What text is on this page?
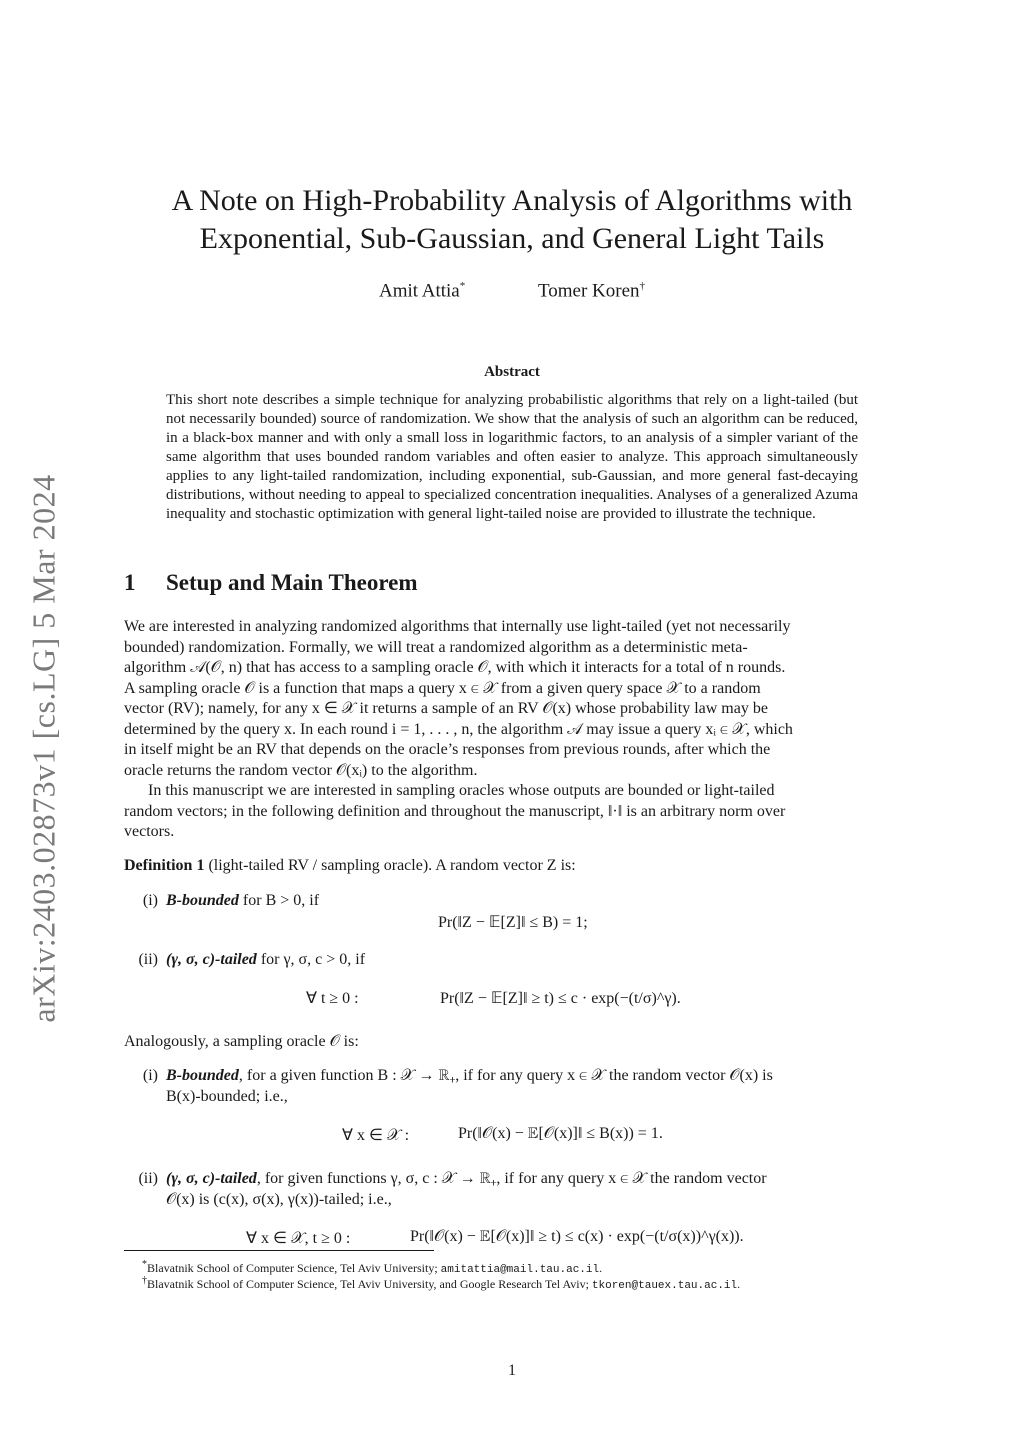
arXiv:2403.02873v1 [cs.LG] 5 Mar 2024
A Note on High-Probability Analysis of Algorithms with
Exponential, Sub-Gaussian, and General Light Tails
Amit Attia*	Tomer Koren†
Abstract
This short note describes a simple technique for analyzing probabilistic algorithms that rely on a light-tailed (but not necessarily bounded) source of randomization. We show that the analysis of such an algorithm can be reduced, in a black-box manner and with only a small loss in logarithmic factors, to an analysis of a simpler variant of the same algorithm that uses bounded random variables and often easier to analyze. This approach simultaneously applies to any light-tailed randomization, including exponential, sub-Gaussian, and more general fast-decaying distributions, without needing to appeal to specialized concentration inequalities. Analyses of a generalized Azuma inequality and stochastic optimization with general light-tailed noise are provided to illustrate the technique.
1 Setup and Main Theorem
We are interested in analyzing randomized algorithms that internally use light-tailed (yet not necessarily
bounded) randomization. Formally, we will treat a randomized algorithm as a deterministic meta-
algorithm 𝒜(𝒪, n) that has access to a sampling oracle 𝒪, with which it interacts for a total of n rounds.
A sampling oracle 𝒪 is a function that maps a query x ∈ 𝒳 from a given query space 𝒳 to a random
vector (RV); namely, for any x ∈ 𝒳 it returns a sample of an RV 𝒪(x) whose probability law may be
determined by the query x. In each round i = 1, . . . , n, the algorithm 𝒜 may issue a query xᵢ ∈ 𝒳, which
in itself might be an RV that depends on the oracle’s responses from previous rounds, after which the
oracle returns the random vector 𝒪(xᵢ) to the algorithm.
In this manuscript we are interested in sampling oracles whose outputs are bounded or light-tailed
random vectors; in the following definition and throughout the manuscript, ‖·‖ is an arbitrary norm over
vectors.
Definition 1 (light-tailed RV / sampling oracle). A random vector Z is:
(i) B-bounded for B > 0, if
Pr(‖Z − 𝔼[Z]‖ ≤ B) = 1;
(ii) (γ, σ, c)-tailed for γ, σ, c > 0, if
∀ t ≥ 0 :	Pr(‖Z − 𝔼[Z]‖ ≥ t) ≤ c · exp(−(t/σ)^γ).
Analogously, a sampling oracle 𝒪 is:
(i) B-bounded, for a given function B : 𝒳 → ℝ₊, if for any query x ∈ 𝒳 the random vector 𝒪(x) is
B(x)-bounded; i.e.,
∀ x ∈ 𝒳 :	Pr(‖𝒪(x) − 𝔼[𝒪(x)]‖ ≤ B(x)) = 1.
(ii) (γ, σ, c)-tailed, for given functions γ, σ, c : 𝒳 → ℝ₊, if for any query x ∈ 𝒳 the random vector
𝒪(x) is (c(x), σ(x), γ(x))-tailed; i.e.,
∀ x ∈ 𝒳, t ≥ 0 :	Pr(‖𝒪(x) − 𝔼[𝒪(x)]‖ ≥ t) ≤ c(x) · exp(−(t/σ(x))^γ(x)).
*Blavatnik School of Computer Science, Tel Aviv University; amitattia@mail.tau.ac.il.
†Blavatnik School of Computer Science, Tel Aviv University, and Google Research Tel Aviv; tkoren@tauex.tau.ac.il.
1
